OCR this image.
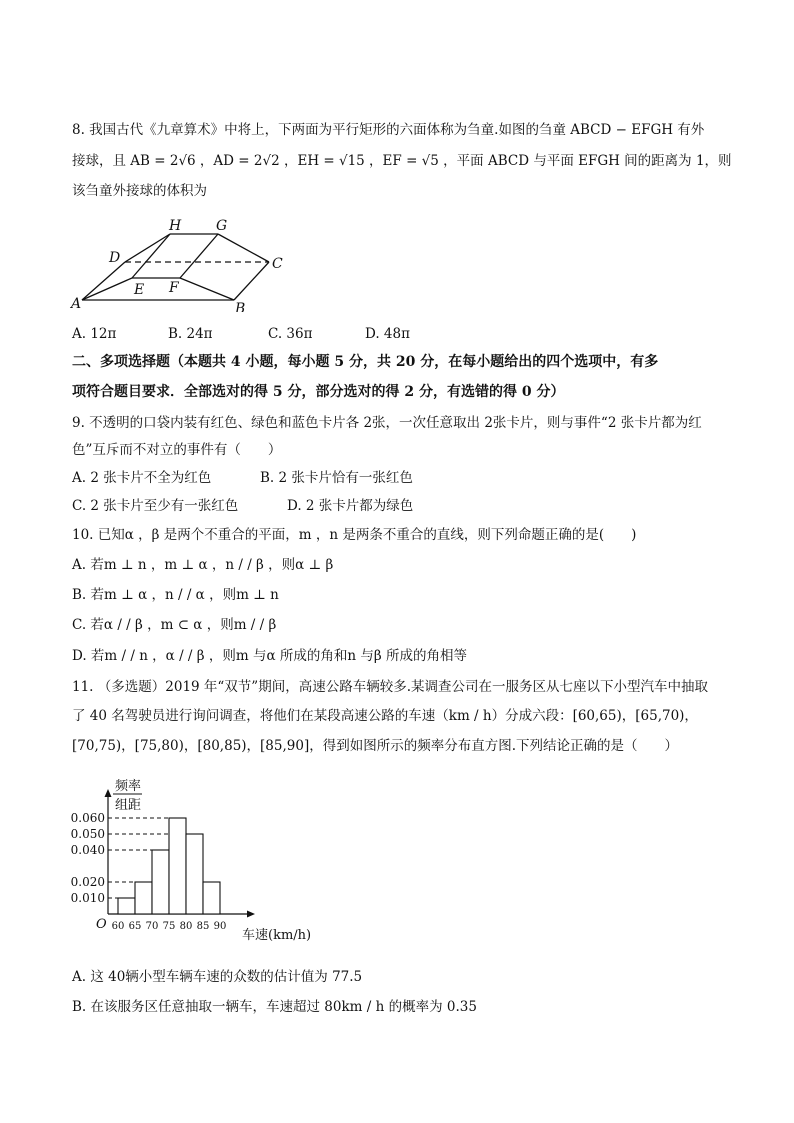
8. 我国古代《九章算术》中将上，下两面为平行矩形的六面体称为刍童.如图的刍童 ABCD − EFGH 有外
接球，且 AB = 2√6 ，AD = 2√2 ，EH = √15 ，EF = √5 ，平面 ABCD 与平面 EFGH 间的距离为 1，则
该刍童外接球的体积为
A	B
C
D
E F
G
H
A. 12π	B. 24π	C. 36π	D. 48π
二、多项选择题（本题共 4 小题，每小题 5 分，共 20 分，在每小题给出的四个选项中，有多
项符合题目要求．全部选对的得 5 分，部分选对的得 2 分，有选错的得 0 分）
9. 不透明的口袋内装有红色、绿色和蓝色卡片各 2张，一次任意取出 2张卡片，则与事件“2 张卡片都为红
色”互斥而不对立的事件有（　　）
A. 2 张卡片不全为红色	B. 2 张卡片恰有一张红色
C. 2 张卡片至少有一张红色	D. 2 张卡片都为绿色
10. 已知α ，β 是两个不重合的平面，m ，n 是两条不重合的直线，则下列命题正确的是(　　)
A. 若m ⊥ n ，m ⊥ α ，n / / β ，则α ⊥ β
B. 若m ⊥ α ，n / / α ，则m ⊥ n
C. 若α / / β ，m ⊂ α ，则m / / β
D. 若m / / n ，α / / β ，则m 与α 所成的角和n 与β 所成的角相等
11. （多选题）2019 年“双节”期间，高速公路车辆较多.某调查公司在一服务区从七座以下小型汽车中抽取
了 40 名驾驶员进行询问调查，将他们在某段高速公路的车速（km / h）分成六段：[60,65)，[65,70)，
[70,75)，[75,80)，[80,85)，[85,90]，得到如图所示的频率分布直方图.下列结论正确的是（　　）
0.060
0.050
0.040
0.020
0.010
60 65 70 75 80 85 90
频率
组距
O
车速(km/h)
A. 这 40辆小型车辆车速的众数的估计值为 77.5
B. 在该服务区任意抽取一辆车，车速超过 80km / h 的概率为 0.35
